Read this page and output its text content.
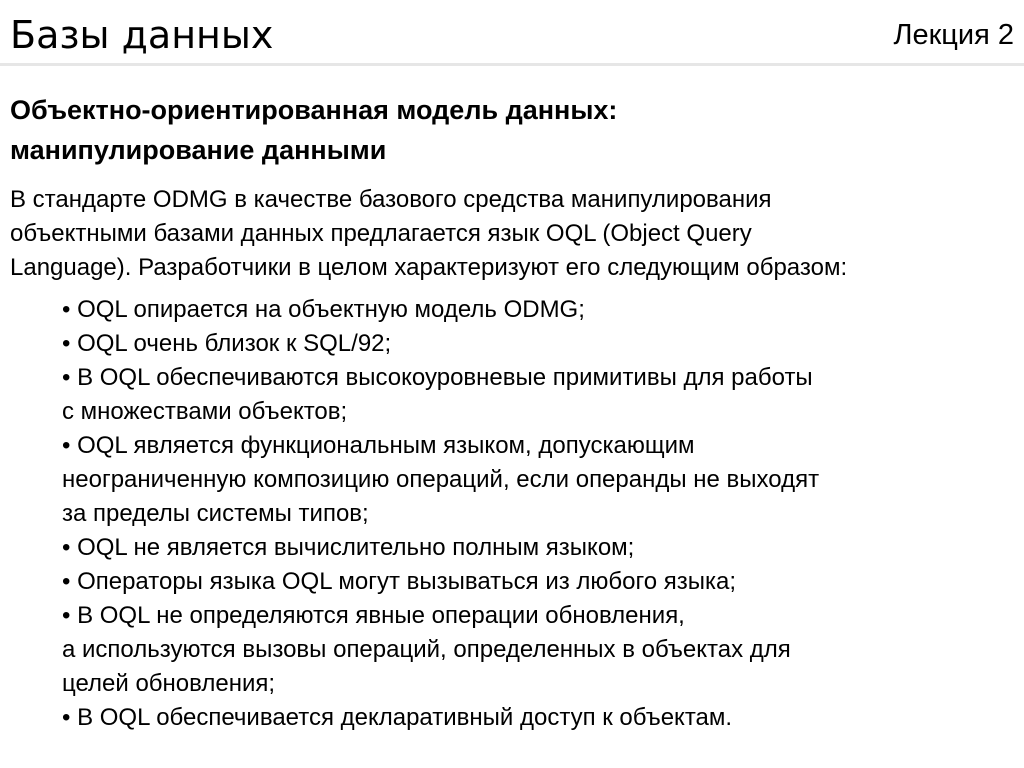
Базы данных	Лекция 2
Объектно-ориентированная модель данных:
манипулирование данными
В стандарте ODMG в качестве базового средства манипулирования
объектными базами данных предлагается язык OQL (Object Query
Language). Разработчики в целом характеризуют его следующим образом:
• OQL опирается на объектную модель ODMG;
• OQL очень близок к SQL/92;
• В OQL обеспечиваются высокоуровневые примитивы для работы
с множествами объектов;
• OQL является функциональным языком, допускающим
неограниченную композицию операций, если операнды не выходят
за пределы системы типов;
• OQL не является вычислительно полным языком;
• Операторы языка OQL могут вызываться из любого языка;
• В OQL не определяются явные операции обновления,
а используются вызовы операций, определенных в объектах для
целей обновления;
• В OQL обеспечивается декларативный доступ к объектам.
